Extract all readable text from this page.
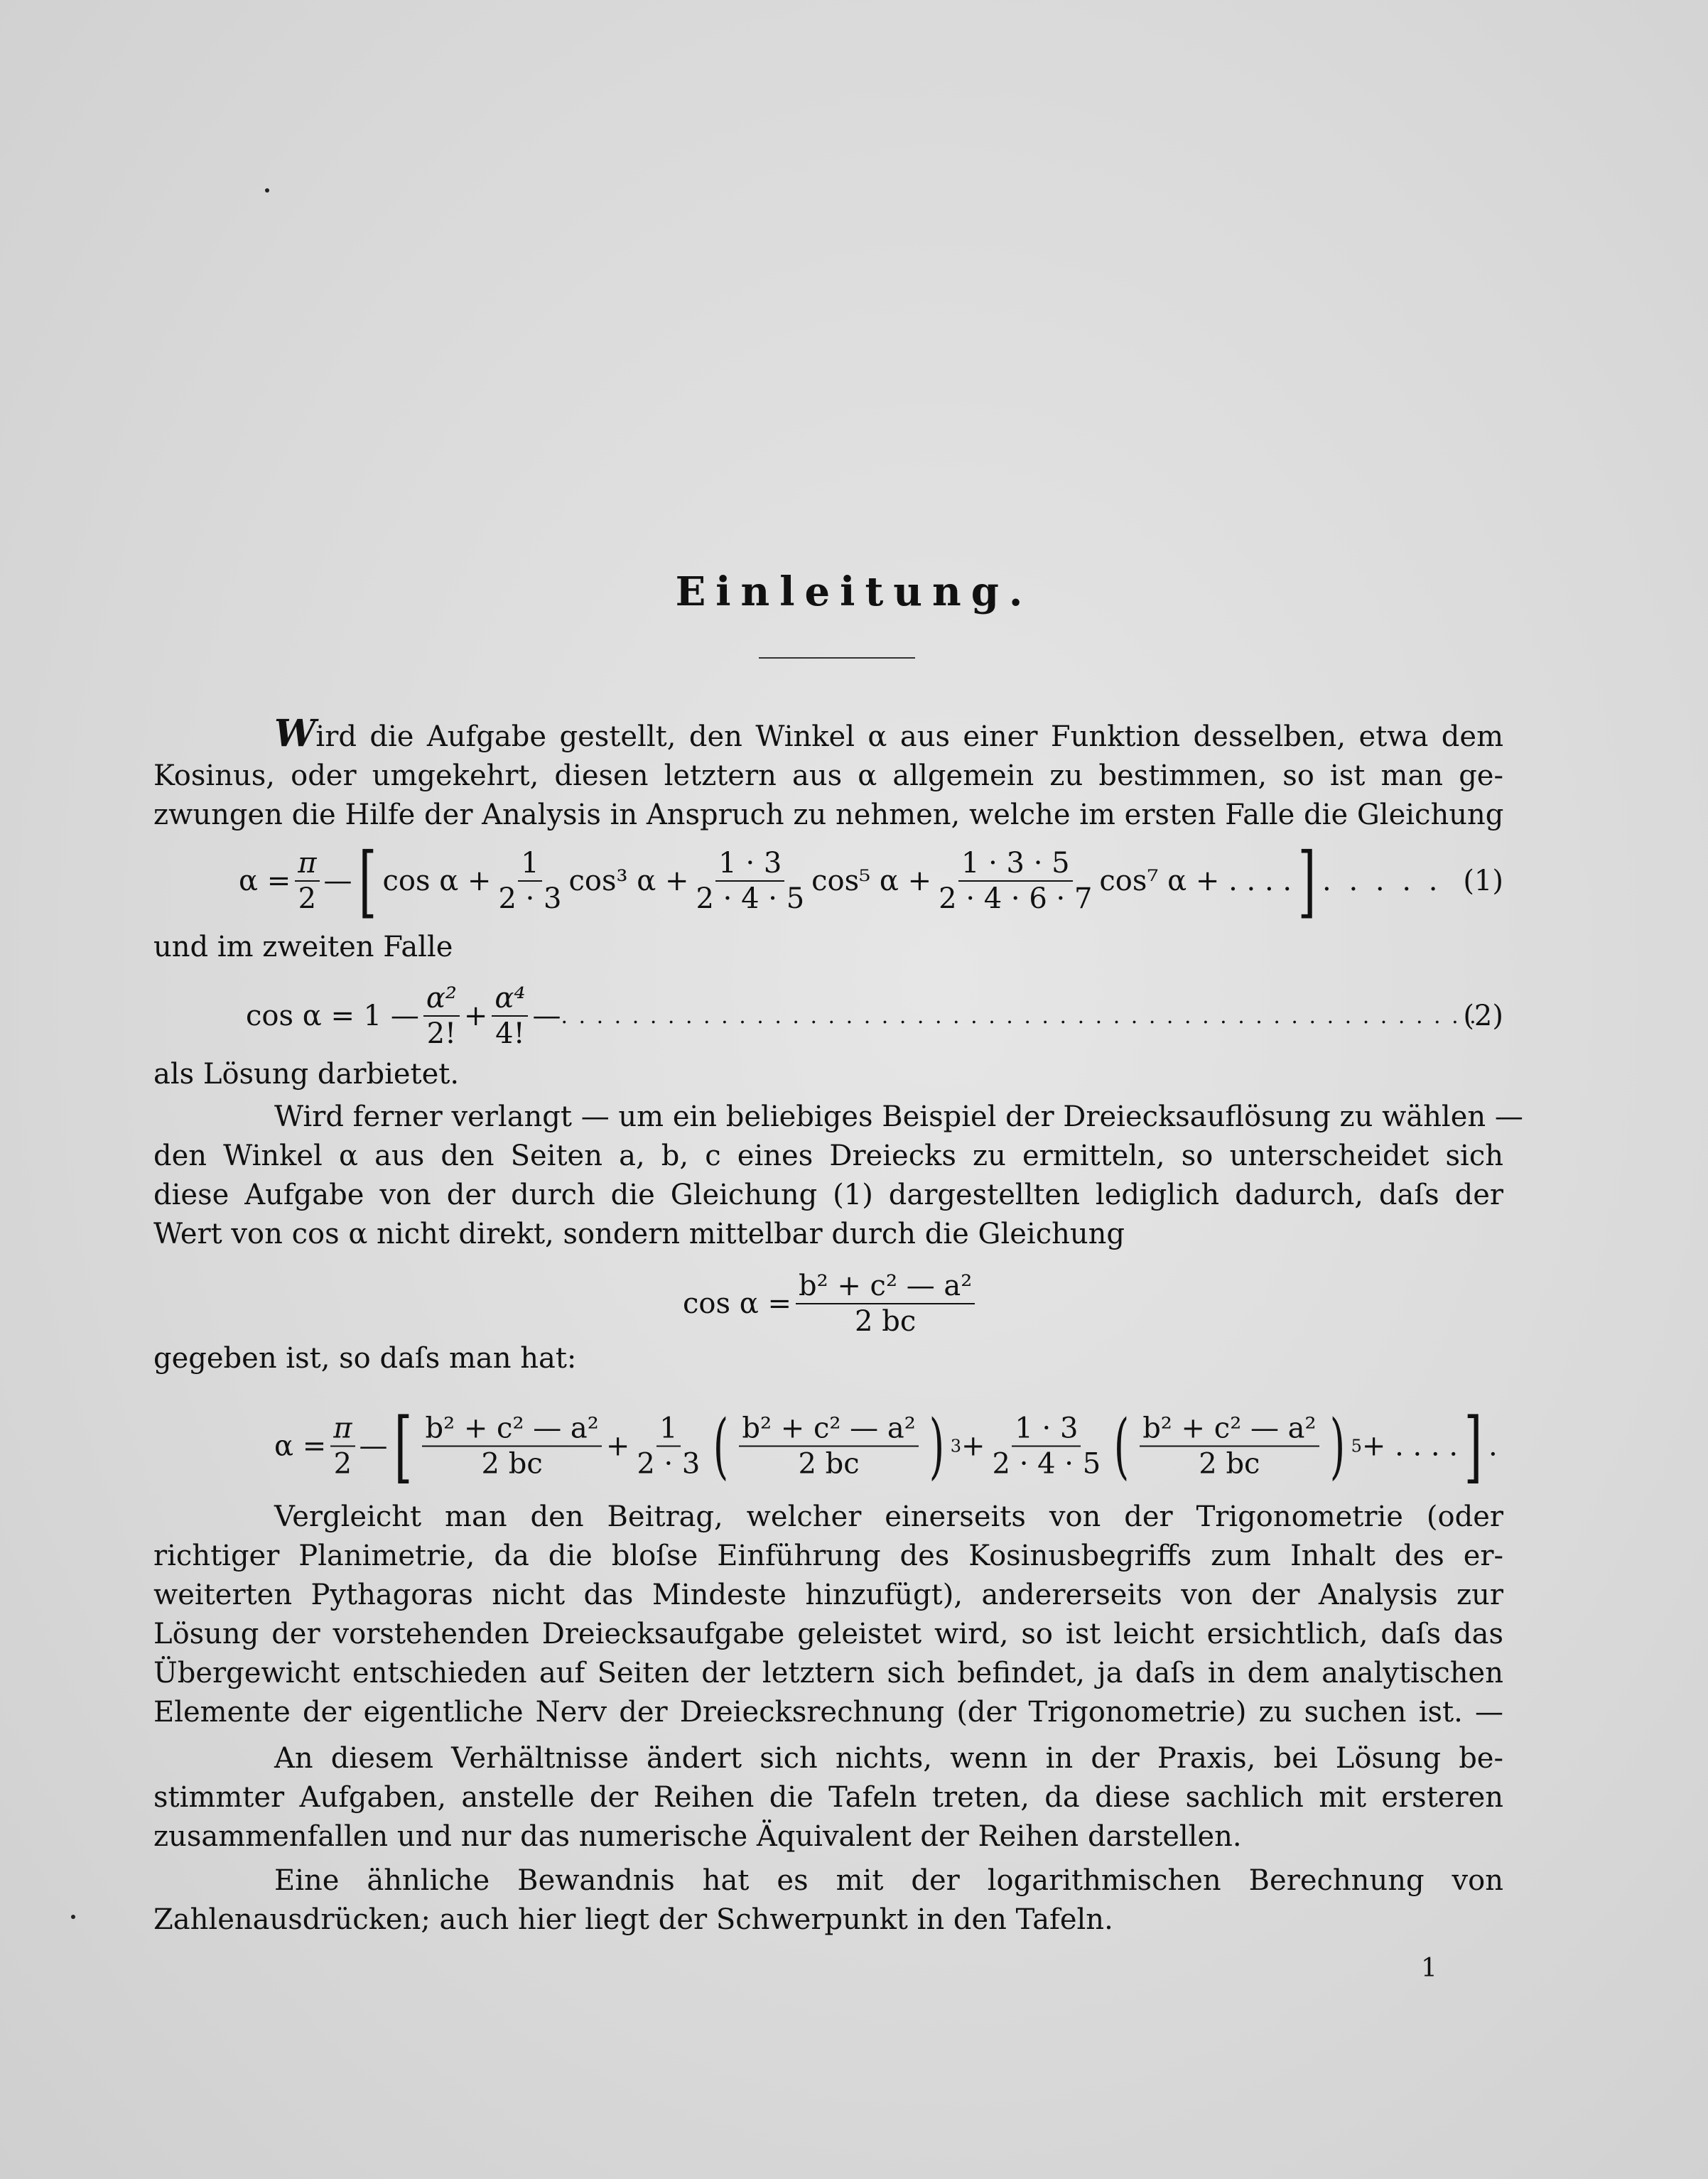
Einleitung.
Wird die Aufgabe gestellt, den Winkel α aus einer Funktion desselben, etwa dem
Kosinus, oder umgekehrt, diesen letztern aus α allgemein zu bestimmen, so ist man ge-
zwungen die Hilfe der Analysis in Anspruch zu nehmen, welche im ersten Falle die Gleichung
$\alpha = \frac{\pi}{2}$ — [ $\cos \alpha + \frac{1}{2 \cdot 3} \cos^3$ $\alpha + \frac{1 \cdot 3}{2 \cdot 4 \cdot 5} \cos^5$ $\alpha + \frac{1 \cdot 3 \cdot 5}{2 \cdot 4 \cdot 6 \cdot 7} \cos^7$ α + . . . . ] . . . . . (1)
und im zweiten Falle
cos α = 1 — $\frac{\text{α²}}{2!} + \frac{\text{α⁴}}{4!}$ — . . . . . . . . . . . . . . . . . . . . . . . . . . . . . . . . . . . . . . . . . . . . . . . . . . . .
(2)
als Lösung darbietet.
Wird ferner verlangt — um ein beliebiges Beispiel der Dreiecksauflösung zu wählen —
den Winkel α aus den Seiten a, b, c eines Dreiecks zu ermitteln, so unterscheidet sich
diese Aufgabe von der durch die Gleichung (1) dargestellten lediglich dadurch, daſs der
Wert von cos α nicht direkt, sondern mittelbar durch die Gleichung
$\cos \alpha = \frac{\text{b² + c² — a²}}{2 bc}$
gegeben ist, so daſs man hat:
$\alpha = \frac{\pi}{2}$ — [ $\frac{\text{b² + c² — a²}}{2 bc} + \frac{1}{2 \cdot 3}$ ( $\frac{\text{b² + c² — a²}}{2 bc}$ ) $3 + \frac{1 \cdot 3}{2 \cdot 4 \cdot 5}$ ( $\frac{\text{b² + c² — a²}}{2 bc}$ ) 5 + . . . . ] .
Vergleicht man den Beitrag, welcher einerseits von der Trigonometrie (oder
richtiger Planimetrie, da die bloſse Einführung des Kosinusbegriffs zum Inhalt des er-
weiterten Pythagoras nicht das Mindeste hinzufügt), andererseits von der Analysis zur
Lösung der vorstehenden Dreiecksaufgabe geleistet wird, so ist leicht ersichtlich, daſs das
Übergewicht entschieden auf Seiten der letztern sich befindet, ja daſs in dem analytischen
Elemente der eigentliche Nerv der Dreiecksrechnung (der Trigonometrie) zu suchen ist. —
An diesem Verhältnisse ändert sich nichts, wenn in der Praxis, bei Lösung be-
stimmter Aufgaben, anstelle der Reihen die Tafeln treten, da diese sachlich mit ersteren
zusammenfallen und nur das numerische Äquivalent der Reihen darstellen.
Eine ähnliche Bewandnis hat es mit der logarithmischen Berechnung von
Zahlenausdrücken; auch hier liegt der Schwerpunkt in den Tafeln.
1
